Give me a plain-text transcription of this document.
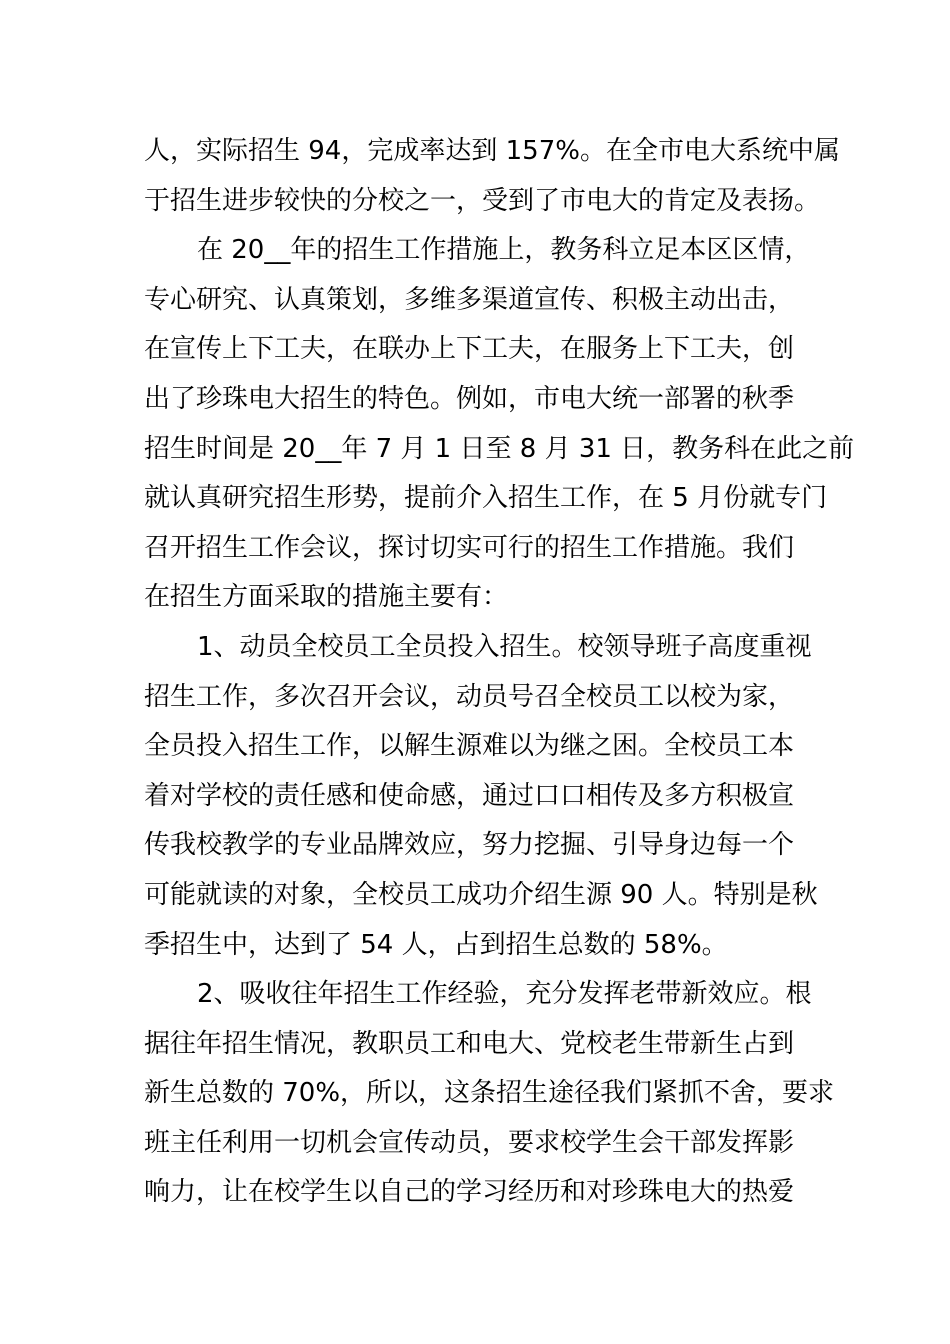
人，实际招生 94，完成率达到 157%。在全市电大系统中属
于招生进步较快的分校之一，受到了市电大的肯定及表扬。
在 20__年的招生工作措施上，教务科立足本区区情，
专心研究、认真策划，多维多渠道宣传、积极主动出击，
在宣传上下工夫，在联办上下工夫，在服务上下工夫，创
出了珍珠电大招生的特色。例如，市电大统一部署的秋季
招生时间是 20__年 7 月 1 日至 8 月 31 日，教务科在此之前
就认真研究招生形势，提前介入招生工作，在 5 月份就专门
召开招生工作会议，探讨切实可行的招生工作措施。我们
在招生方面采取的措施主要有：
1、动员全校员工全员投入招生。校领导班子高度重视
招生工作，多次召开会议，动员号召全校员工以校为家，
全员投入招生工作，以解生源难以为继之困。全校员工本
着对学校的责任感和使命感，通过口口相传及多方积极宣
传我校教学的专业品牌效应，努力挖掘、引导身边每一个
可能就读的对象，全校员工成功介绍生源 90 人。特别是秋
季招生中，达到了 54 人，占到招生总数的 58%。
2、吸收往年招生工作经验，充分发挥老带新效应。根
据往年招生情况，教职员工和电大、党校老生带新生占到
新生总数的 70%，所以，这条招生途径我们紧抓不舍，要求
班主任利用一切机会宣传动员，要求校学生会干部发挥影
响力，让在校学生以自己的学习经历和对珍珠电大的热爱
